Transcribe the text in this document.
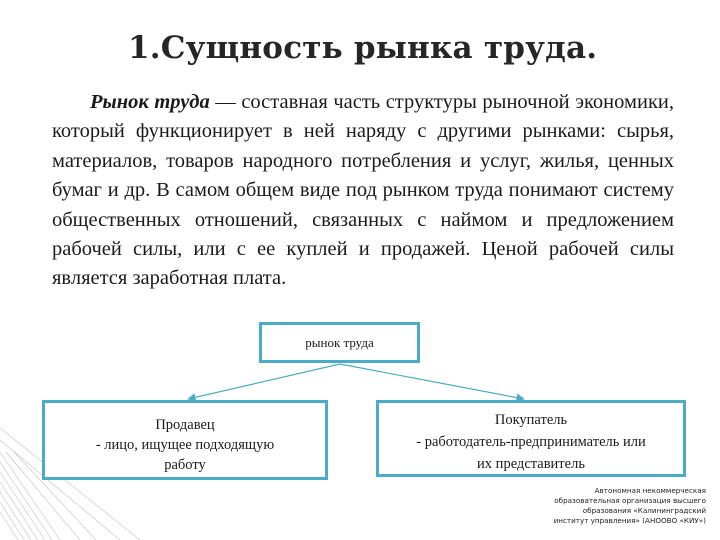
1.Сущность рынка труда.
Рынок труда — составная часть структуры рыночной экономики, который функционирует в ней наряду с другими рынками: сырья, материалов, товаров народного потребления и услуг, жилья, ценных бумаг и др. В самом общем виде под рынком труда понимают систему общественных отношений, связанных с наймом и предложением рабочей силы, или с ее куплей и продажей. Ценой рабочей силы является заработная плата.
рынок труда
Продавец
- лицо, ищущее подходящую
работу
Покупатель
- работодатель-предприниматель или
их представитель
Автономная некоммерческая
образовательная организация высшего
образования «Калининградский
институт управления» (АНООВО «КИУ»)
